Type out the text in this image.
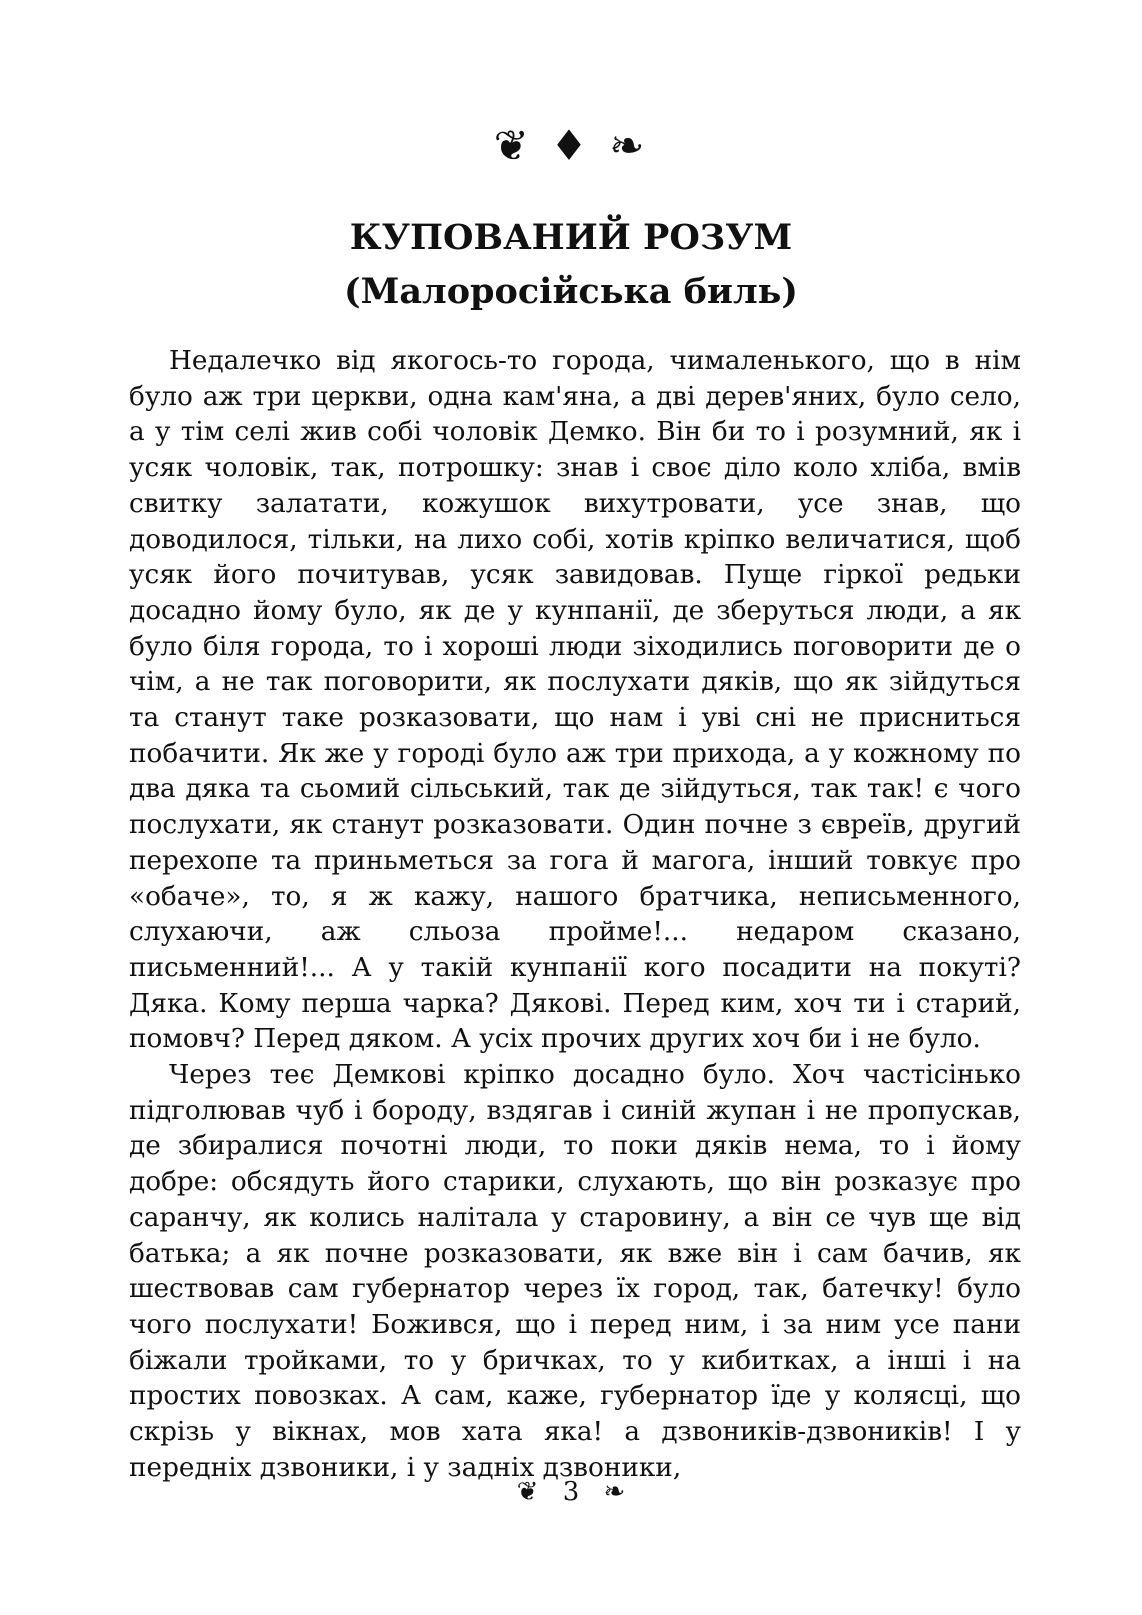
❦ ♦ ❧
КУПОВАНИЙ РОЗУМ
(Малоросійська биль)

Недалечко від якогось-то города, чималенького, що в нім було аж три церкви, одна кам'яна, а дві дерев'яних, було село, а у тім селі жив собі чоловік Демко. Він би то і розумний, як і усяк чоловік, так, потрошку: знав і своє діло коло хліба, вмів свитку залатати, кожушок вихутровати, усе знав, що доводилося, тільки, на лихо собі, хотів кріпко величатися, щоб усяк його почитував, усяк завидовав. Пуще гіркої редьки досадно йому було, як де у кунпанії, де зберуться люди, а як було біля города, то і хороші люди зіходились поговорити де о чім, а не так поговорити, як послухати дяків, що як зійдуться та станут таке розказовати, що нам і уві сні не присниться побачити. Як же у городі було аж три прихода, а у кожному по два дяка та сьомий сільський, так де зійдуться, так так! є чого послухати, як станут розказовати. Один почне з євреїв, другий перехопе та приньметься за гога й магога, інший товкує про «обаче», то, я ж кажу, нашого братчика, неписьменного, слухаючи, аж сльоза пройме!... недаром сказано, письменний!... А у такій кунпанії кого посадити на покуті? Дяка. Кому перша чарка? Дякові. Перед ким, хоч ти і старий, помовч? Перед дяком. А усіх прочих других хоч би і не було.

Через теє Демкові кріпко досадно було. Хоч частісінько підголював чуб і бороду, вздягав і синій жупан і не пропускав, де збиралися почотні люди, то поки дяків нема, то і йому добре: обсядуть його старики, слухають, що він розказує про саранчу, як колись налітала у старовину, а він се чув ще від батька; а як почне розказовати, як вже він і сам бачив, як шествовав сам губернатор через їх город, так, батечку! було чого послухати! Божився, що і перед ним, і за ним усе пани біжали тройками, то у бричках, то у кибитках, а інші і на простих повозках. А сам, каже, губернатор їде у колясці, що скрізь у вікнах, мов хата яка! а дзвоників-дзвоників! І у передніх дзвоники, і у задніх дзвоники,

❦ 3 ❧
